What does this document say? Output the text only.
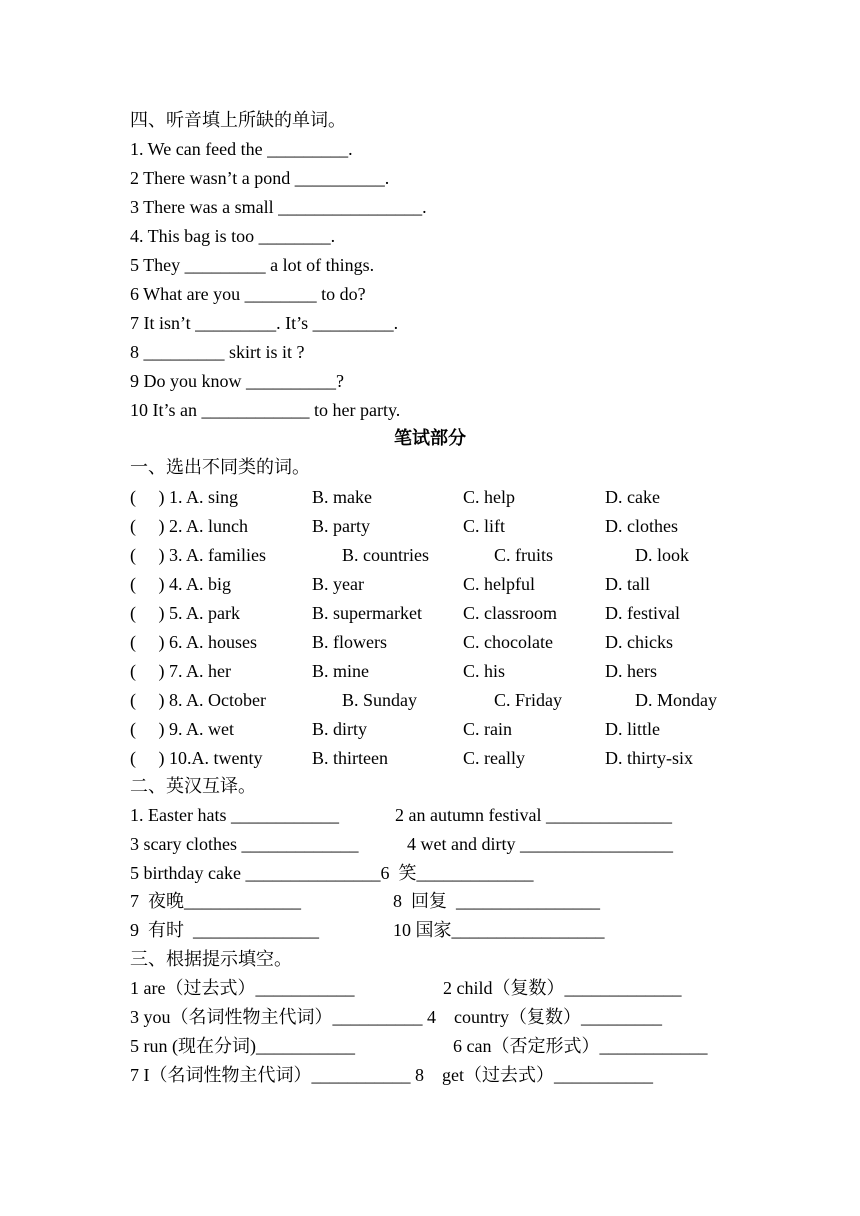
四、听音填上所缺的单词。
1. We can feed the _________.
2 There wasn’t a pond __________.
3 There was a small ________________.
4. This bag is too ________.
5 They _________ a lot of things.
6 What are you ________ to do?
7 It isn’t _________. It’s _________.
8 _________ skirt is it ?
9 Do you know __________?
10 It’s an ____________ to her party.
笔试部分
一、选出不同类的词。
(     ) 1. A. sing	B. make	C. help	D. cake
(     ) 2. A. lunch	B. party	C. lift	D. clothes
(     ) 3. A. families	B. countries	C. fruits	D. look
(     ) 4. A. big	B. year	C. helpful	D. tall
(     ) 5. A. park	B. supermarket C. classroom	D. festival
(     ) 6. A. houses	B. flowers	C. chocolate	D. chicks
(     ) 7. A. her	B. mine	C. his	D. hers
(     ) 8. A. October	B. Sunday	C. Friday	D. Monday
(     ) 9. A. wet	B. dirty	C. rain	D. little
(     ) 10.A. twenty	B. thirteen	C. really	D. thirty-six
二、英汉互译。
1. Easter hats ____________	2 an autumn festival ______________
3 scary clothes _____________	4 wet and dirty _________________
5 birthday cake _______________6  笑_____________
7  夜晚_____________	8  回复  ________________
9  有时  ______________	10 国家_________________
三、根据提示填空。
1 are（过去式）___________	2 child（复数）_____________
3 you（名词性物主代词）__________ 4    country（复数）_________
5 run (现在分词)___________	6 can（否定形式）____________
7 I（名词性物主代词）___________ 8    get（过去式）___________
